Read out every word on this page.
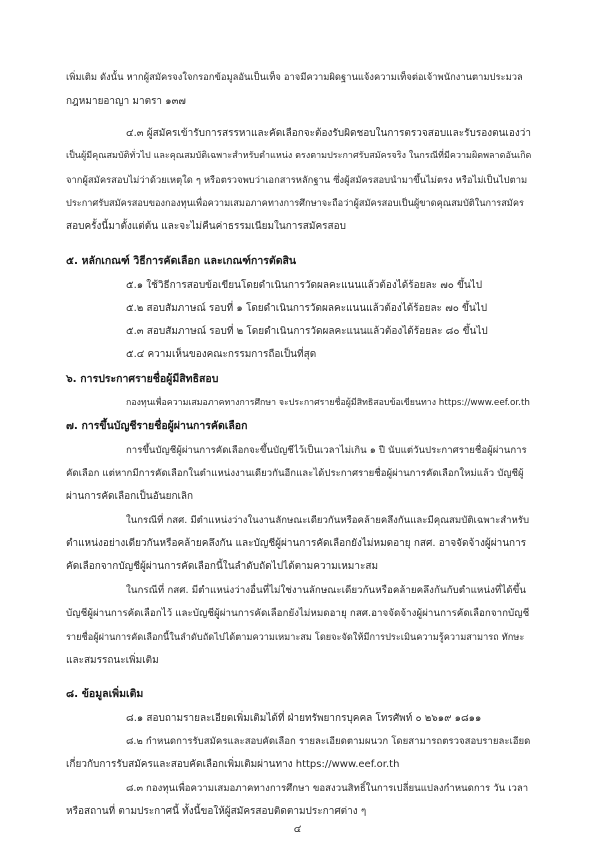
เพิ่มเติม ดังนั้น หากผู้สมัครจงใจกรอกข้อมูลอันเป็นเท็จ อาจมีความผิดฐานแจ้งความเท็จต่อเจ้าพนักงานตามประมวล
กฎหมายอาญา มาตรา ๑๓๗
๔.๓ ผู้สมัครเข้ารับการสรรหาและคัดเลือกจะต้องรับผิดชอบในการตรวจสอบและรับรองตนเองว่า
เป็นผู้มีคุณสมบัติทั่วไป และคุณสมบัติเฉพาะสำหรับตำแหน่ง ตรงตามประกาศรับสมัครจริง ในกรณีที่มีความผิดพลาดอันเกิด
จากผู้สมัครสอบไม่ว่าด้วยเหตุใด ๆ หรือตรวจพบว่าเอกสารหลักฐาน ซึ่งผู้สมัครสอบนำมาขึ้นไม่ตรง หรือไม่เป็นไปตาม
ประกาศรับสมัครสอบของกองทุนเพื่อความเสมอภาคทางการศึกษาจะถือว่าผู้สมัครสอบเป็นผู้ขาดคุณสมบัติในการสมัคร
สอบครั้งนี้มาตั้งแต่ต้น และจะไม่คืนค่าธรรมเนียมในการสมัครสอบ
๕. หลักเกณฑ์ วิธีการคัดเลือก และเกณฑ์การตัดสิน
๕.๑ ใช้วิธีการสอบข้อเขียนโดยดำเนินการวัดผลคะแนนแล้วต้องได้ร้อยละ ๗๐ ขึ้นไป
๕.๒ สอบสัมภาษณ์ รอบที่ ๑ โดยดำเนินการวัดผลคะแนนแล้วต้องได้ร้อยละ ๗๐ ขึ้นไป
๕.๓ สอบสัมภาษณ์ รอบที่ ๒ โดยดำเนินการวัดผลคะแนนแล้วต้องได้ร้อยละ ๘๐ ขึ้นไป
๕.๔ ความเห็นของคณะกรรมการถือเป็นที่สุด
๖. การประกาศรายชื่อผู้มีสิทธิสอบ
กองทุนเพื่อความเสมอภาคทางการศึกษา จะประกาศรายชื่อผู้มีสิทธิสอบข้อเขียนทาง https://www.eef.or.th
๗. การขึ้นบัญชีรายชื่อผู้ผ่านการคัดเลือก
การขึ้นบัญชีผู้ผ่านการคัดเลือกจะขึ้นบัญชีไว้เป็นเวลาไม่เกิน ๑ ปี นับแต่วันประกาศรายชื่อผู้ผ่านการ
คัดเลือก แต่หากมีการคัดเลือกในตำแหน่งงานเดียวกันอีกและได้ประกาศรายชื่อผู้ผ่านการคัดเลือกใหม่แล้ว บัญชีผู้
ผ่านการคัดเลือกเป็นอันยกเลิก
ในกรณีที่ กสศ. มีตำแหน่งว่างในงานลักษณะเดียวกันหรือคล้ายคลึงกันและมีคุณสมบัติเฉพาะสำหรับ
ตำแหน่งอย่างเดียวกันหรือคล้ายคลึงกัน และบัญชีผู้ผ่านการคัดเลือกยังไม่หมดอายุ กสศ. อาจจัดจ้างผู้ผ่านการ
คัดเลือกจากบัญชีผู้ผ่านการคัดเลือกนี้ในลำดับถัดไปได้ตามความเหมาะสม
ในกรณีที่ กสศ. มีตำแหน่งว่างอื่นที่ไม่ใช่งานลักษณะเดียวกันหรือคล้ายคลึงกันกับตำแหน่งที่ได้ขึ้น
บัญชีผู้ผ่านการคัดเลือกไว้ และบัญชีผู้ผ่านการคัดเลือกยังไม่หมดอายุ กสศ.อาจจัดจ้างผู้ผ่านการคัดเลือกจากบัญชี
รายชื่อผู้ผ่านการคัดเลือกนี้ในลำดับถัดไปได้ตามความเหมาะสม โดยจะจัดให้มีการประเมินความรู้ความสามารถ ทักษะ
และสมรรถนะเพิ่มเติม
๘. ข้อมูลเพิ่มเติม
๘.๑ สอบถามรายละเอียดเพิ่มเติมได้ที่ ฝ่ายทรัพยากรบุคคล โทรศัพท์ ๐ ๒๖๑๙ ๑๘๑๑
๘.๒ กำหนดการรับสมัครและสอบคัดเลือก รายละเอียดตามผนวก โดยสามารถตรวจสอบรายละเอียด
เกี่ยวกับการรับสมัครและสอบคัดเลือกเพิ่มเติมผ่านทาง https://www.eef.or.th
๘.๓ กองทุนเพื่อความเสมอภาคทางการศึกษา ขอสงวนสิทธิ์ในการเปลี่ยนแปลงกำหนดการ วัน เวลา
หรือสถานที่ ตามประกาศนี้ ทั้งนี้ขอให้ผู้สมัครสอบติดตามประกาศต่าง ๆ
๔
